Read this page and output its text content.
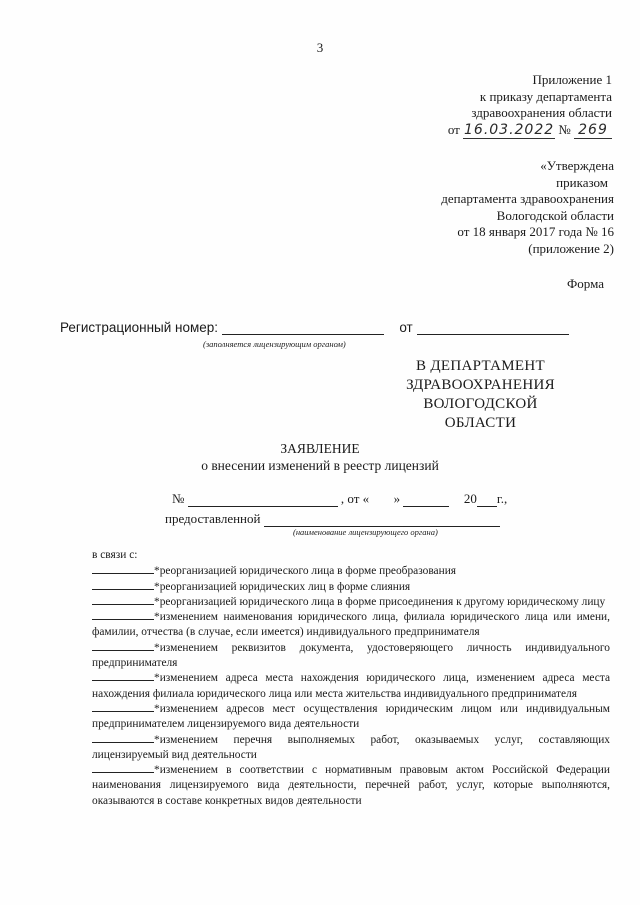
3
Приложение 1
к приказу департамента
здравоохранения области
от 16.03.2022 № 269
«Утверждена
приказом
департамента здравоохранения
Вологодской области
от 18 января 2017 года № 16
(приложение 2)
Форма
Регистрационный номер:	от
(заполняется лицензирующим органом)
В ДЕПАРТАМЕНТ
ЗДРАВООХРАНЕНИЯ
ВОЛОГОДСКОЙ
ОБЛАСТИ
ЗАЯВЛЕНИЕ
о внесении изменений в реестр лицензий
№	, от « »	20 г.,
предоставленной
(наименование лицензирующего органа)

в связи с:

*реорганизацией юридического лица в форме преобразования

*реорганизацией юридических лиц в форме слияния

*реорганизацией юридического лица в форме присоединения к другому юридическому лицу

*изменением наименования юридического лица, филиала юридического лица или имени, фамилии, отчества (в случае, если имеется) индивидуального предпринимателя

*изменением реквизитов документа, удостоверяющего личность индивидуального предпринимателя

*изменением адреса места нахождения юридического лица, изменением адреса места нахождения филиала юридического лица или места жительства индивидуального предпринимателя

*изменением адресов мест осуществления юридическим лицом или индивидуальным предпринимателем лицензируемого вида деятельности

*изменением перечня выполняемых работ, оказываемых услуг, составляющих лицензируемый вид деятельности

*изменением в соответствии с нормативным правовым актом Российской Федерации наименования лицензируемого вида деятельности, перечней работ, услуг, которые выполняются, оказываются в составе конкретных видов деятельности
